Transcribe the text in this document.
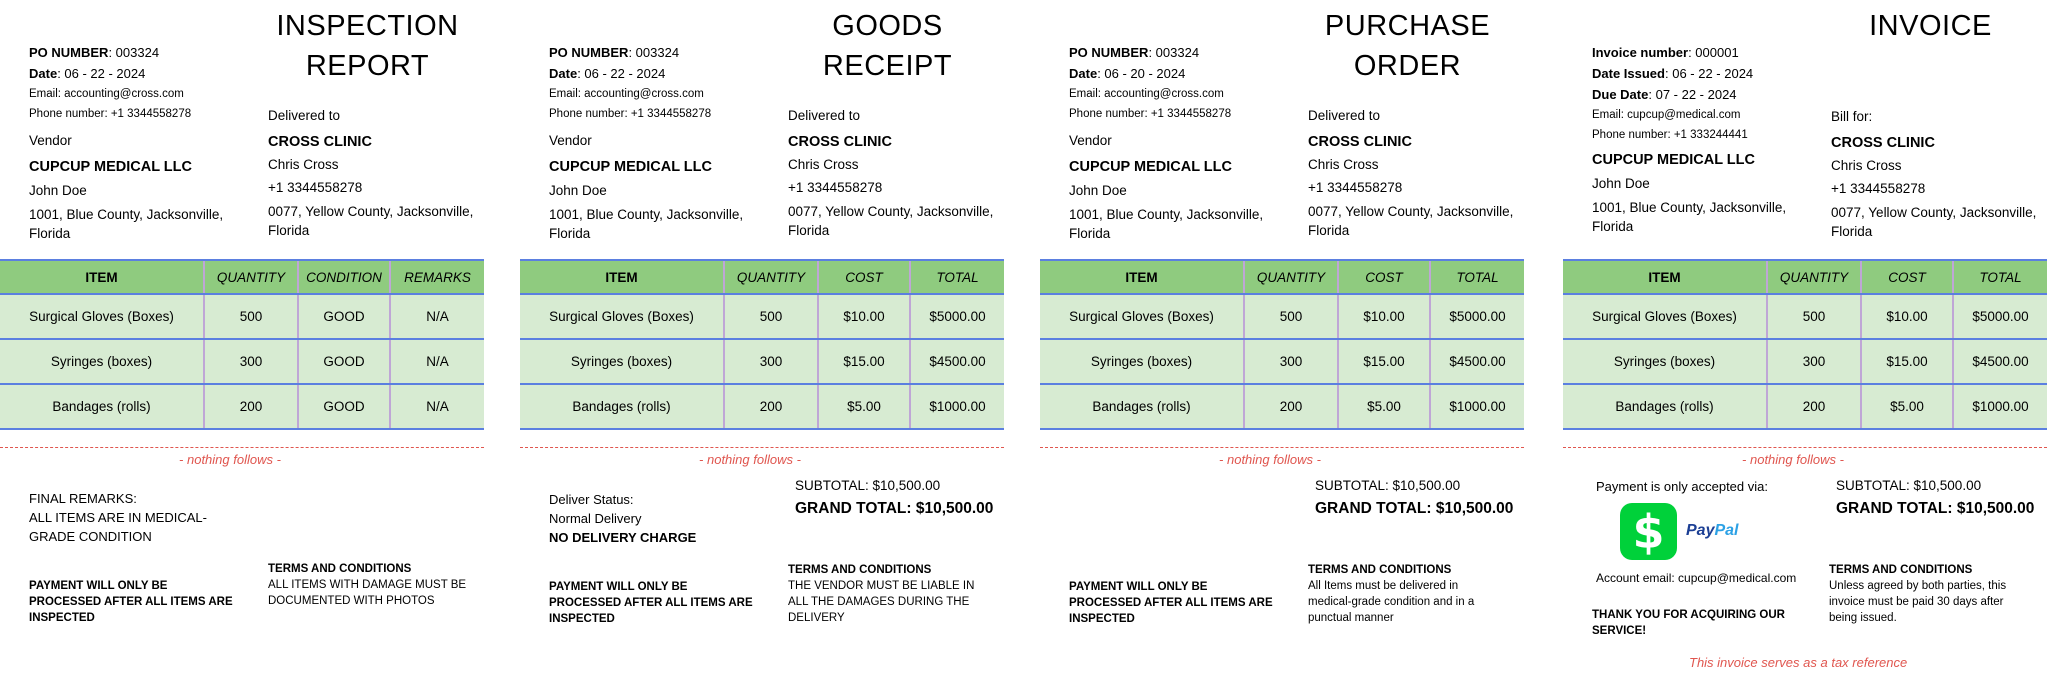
INSPECTION
REPORT
PO NUMBER: 003324
Date: 06 - 22 - 2024
Email: accounting@cross.com
Phone number: +1 3344558278
Vendor
CUPCUP MEDICAL LLC
John Doe
1001, Blue County, Jacksonville, Florida
Delivered to
CROSS CLINIC
Chris Cross
+1 3344558278
0077, Yellow County, Jacksonville, Florida
ITEM	QUANTITY	CONDITION	REMARKS
Surgical Gloves (Boxes)	500	GOOD	N/A
Syringes (boxes)	300	GOOD	N/A
Bandages (rolls)	200	GOOD	N/A
- nothing follows -
FINAL REMARKS:
ALL ITEMS ARE IN MEDICAL-GRADE CONDITION
PAYMENT WILL ONLY BE PROCESSED AFTER ALL ITEMS ARE INSPECTED
TERMS AND CONDITIONS
ALL ITEMS WITH DAMAGE MUST BE DOCUMENTED WITH PHOTOS
GOODS
RECEIPT
PO NUMBER: 003324
Date: 06 - 22 - 2024
Email: accounting@cross.com
Phone number: +1 3344558278
Vendor
CUPCUP MEDICAL LLC
John Doe
1001, Blue County, Jacksonville, Florida
Delivered to
CROSS CLINIC
Chris Cross
+1 3344558278
0077, Yellow County, Jacksonville, Florida
ITEM	QUANTITY	COST	TOTAL
Surgical Gloves (Boxes)	500	$10.00	$5000.00
Syringes (boxes)	300	$15.00	$4500.00
Bandages (rolls)	200	$5.00	$1000.00
- nothing follows -
Deliver Status:
Normal Delivery
NO DELIVERY CHARGE
SUBTOTAL: $10,500.00
GRAND TOTAL: $10,500.00
PAYMENT WILL ONLY BE PROCESSED AFTER ALL ITEMS ARE INSPECTED
TERMS AND CONDITIONS
THE VENDOR MUST BE LIABLE IN ALL THE DAMAGES DURING THE DELIVERY
PURCHASE
ORDER
PO NUMBER: 003324
Date: 06 - 20 - 2024
Email: accounting@cross.com
Phone number: +1 3344558278
Vendor
CUPCUP MEDICAL LLC
John Doe
1001, Blue County, Jacksonville, Florida
Delivered to
CROSS CLINIC
Chris Cross
+1 3344558278
0077, Yellow County, Jacksonville, Florida
ITEM	QUANTITY	COST	TOTAL
Surgical Gloves (Boxes)	500	$10.00	$5000.00
Syringes (boxes)	300	$15.00	$4500.00
Bandages (rolls)	200	$5.00	$1000.00
- nothing follows -
SUBTOTAL: $10,500.00
GRAND TOTAL: $10,500.00
PAYMENT WILL ONLY BE PROCESSED AFTER ALL ITEMS ARE INSPECTED
TERMS AND CONDITIONS
All Items must be delivered in medical-grade condition and in a punctual manner
INVOICE
Invoice number: 000001
Date Issued: 06 - 22 - 2024
Due Date: 07 - 22 - 2024
Email: cupcup@medical.com
Phone number: +1 333244441
CUPCUP MEDICAL LLC
John Doe
1001, Blue County, Jacksonville, Florida
Bill for:
CROSS CLINIC
Chris Cross
+1 3344558278
0077, Yellow County, Jacksonville, Florida
ITEM	QUANTITY	COST	TOTAL
Surgical Gloves (Boxes)	500	$10.00	$5000.00
Syringes (boxes)	300	$15.00	$4500.00
Bandages (rolls)	200	$5.00	$1000.00
- nothing follows -
Payment is only accepted via:
$	PayPal
Account email: cupcup@medical.com
THANK YOU FOR ACQUIRING OUR SERVICE!
SUBTOTAL: $10,500.00
GRAND TOTAL: $10,500.00
TERMS AND CONDITIONS
Unless agreed by both parties, this invoice must be paid 30 days after being issued.
This invoice serves as a tax reference
